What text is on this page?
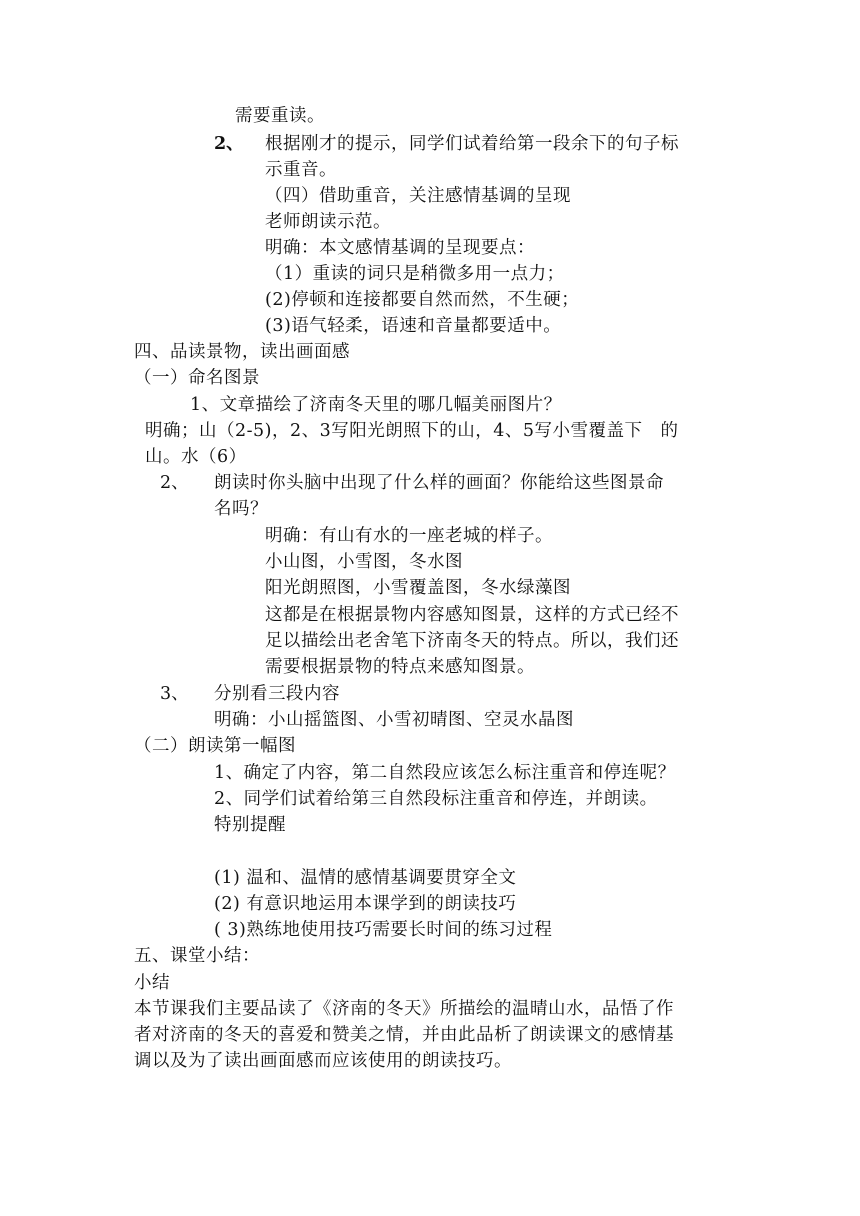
需要重读。
2、 根据刚才的提示，同学们试着给第一段余下的句子标
示重音。
（四）借助重音，关注感情基调的呈现
老师朗读示范。
明确：本文感情基调的呈现要点：
（1）重读的词只是稍微多用一点力；
(2)停顿和连接都要自然而然，不生硬；
(3)语气轻柔，语速和音量都要适中。
四、品读景物，读出画面感
（一）命名图景
1、文章描绘了济南冬天里的哪几幅美丽图片？
明确；山（2-5)，2、3写阳光朗照下的山，4、5写小雪覆盖下　的
山。水（6）
2、 朗读时你头脑中出现了什么样的画面？你能给这些图景命
名吗？
明确：有山有水的一座老城的样子。
小山图，小雪图，冬水图
阳光朗照图，小雪覆盖图，冬水绿藻图
这都是在根据景物内容感知图景，这样的方式已经不
足以描绘出老舍笔下济南冬天的特点。所以，我们还
需要根据景物的特点来感知图景。
3、 分别看三段内容
明确：小山摇篮图、小雪初晴图、空灵水晶图
（二）朗读第一幅图
1、确定了内容，第二自然段应该怎么标注重音和停连呢？
2、同学们试着给第三自然段标注重音和停连，并朗读。
特别提醒
(1) 温和、温情的感情基调要贯穿全文
(2) 有意识地运用本课学到的朗读技巧
( 3)熟练地使用技巧需要长时间的练习过程
五、课堂小结：
小结
本节课我们主要品读了《济南的冬天》所描绘的温晴山水，品悟了作
者对济南的冬天的喜爱和赞美之情，并由此品析了朗读课文的感情基
调以及为了读出画面感而应该使用的朗读技巧。
